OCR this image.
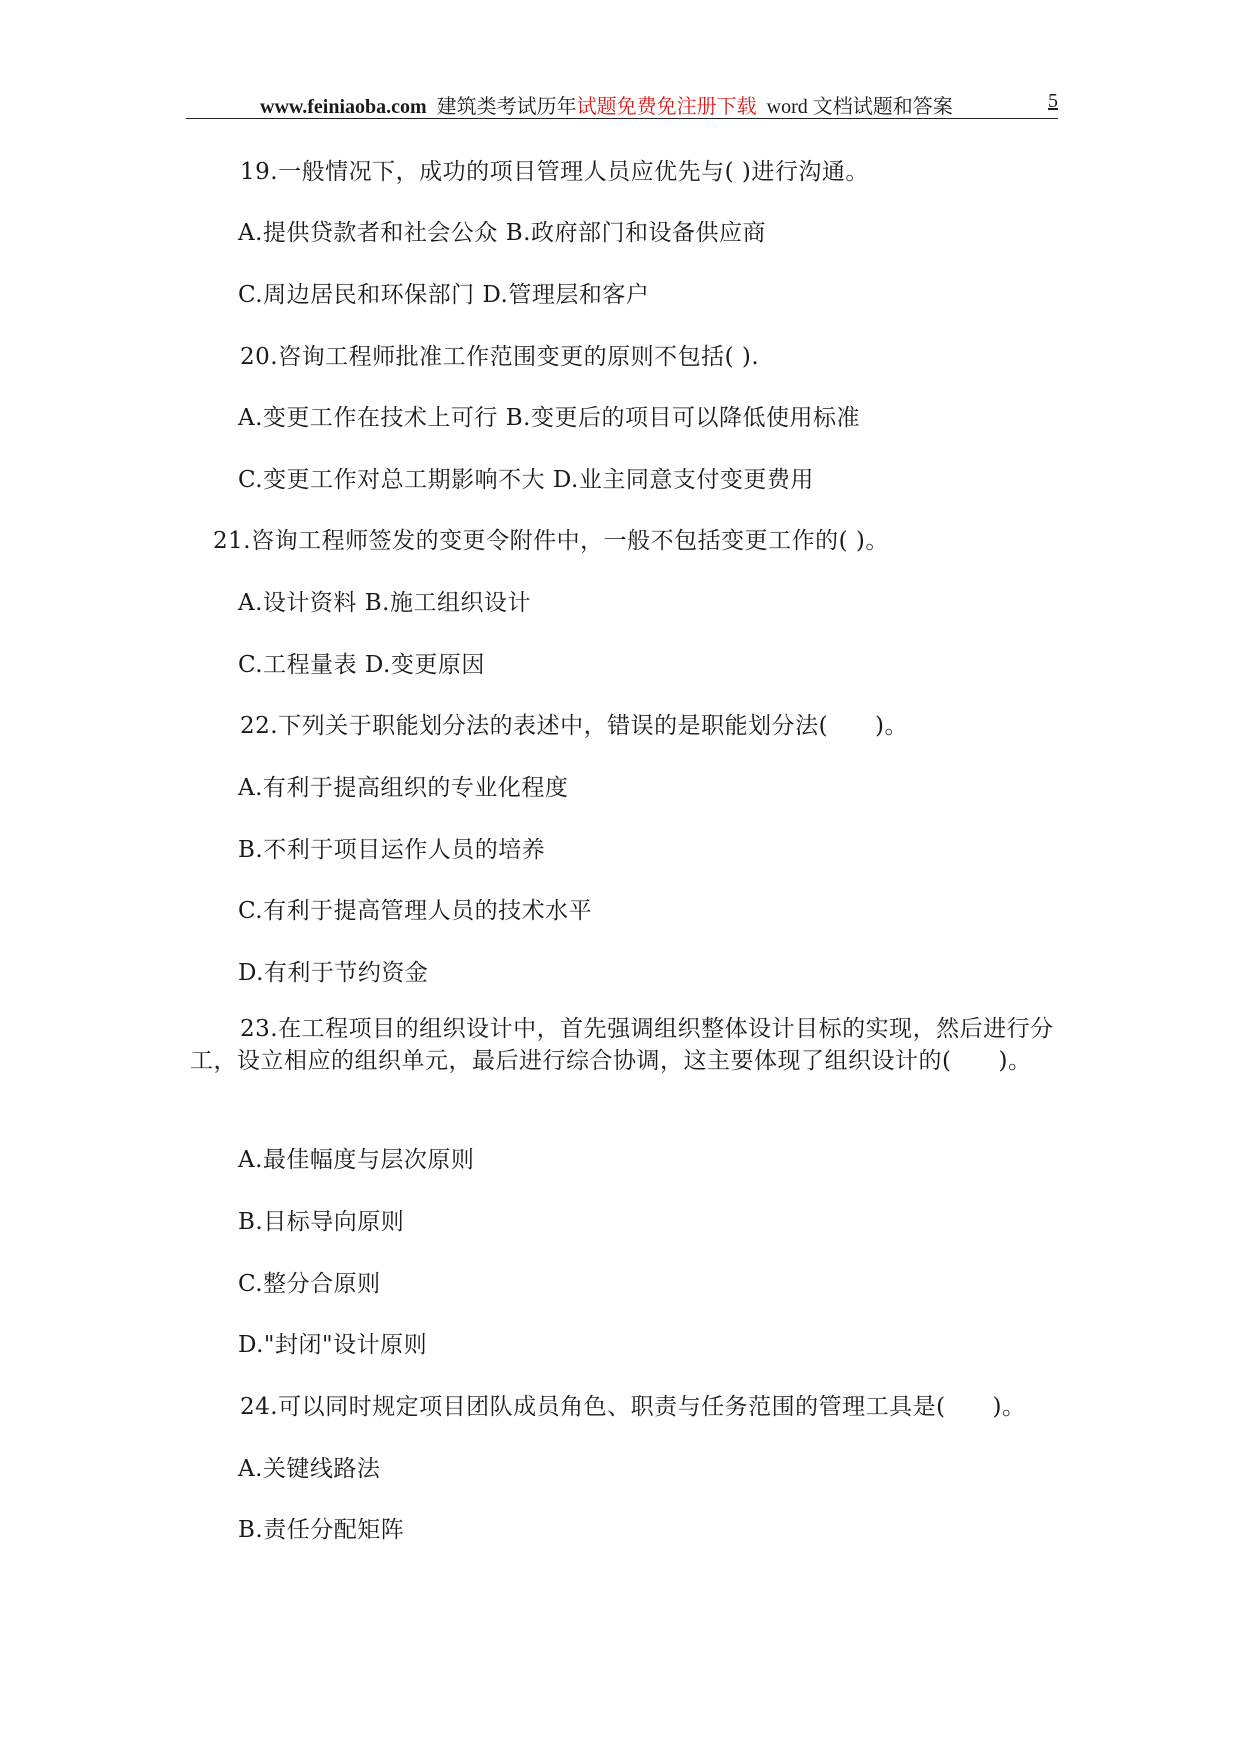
www.feiniaoba.com 建筑类考试历年试题免费免注册下载 word 文档试题和答案	5
19.一般情况下，成功的项目管理人员应优先与( )进行沟通。
A.提供贷款者和社会公众 B.政府部门和设备供应商
C.周边居民和环保部门 D.管理层和客户
20.咨询工程师批准工作范围变更的原则不包括( ).
A.变更工作在技术上可行 B.变更后的项目可以降低使用标准
C.变更工作对总工期影响不大 D.业主同意支付变更费用
21.咨询工程师签发的变更令附件中，一般不包括变更工作的( )。
A.设计资料 B.施工组织设计
C.工程量表 D.变更原因
22.下列关于职能划分法的表述中，错误的是职能划分法(　　)。
A.有利于提高组织的专业化程度
B.不利于项目运作人员的培养
C.有利于提高管理人员的技术水平
D.有利于节约资金
23.在工程项目的组织设计中，首先强调组织整体设计目标的实现，然后进行分工，设立相应的组织单元，最后进行综合协调，这主要体现了组织设计的(　　)。
A.最佳幅度与层次原则
B.目标导向原则
C.整分合原则
D."封闭"设计原则
24.可以同时规定项目团队成员角色、职责与任务范围的管理工具是(　　)。
A.关键线路法
B.责任分配矩阵
